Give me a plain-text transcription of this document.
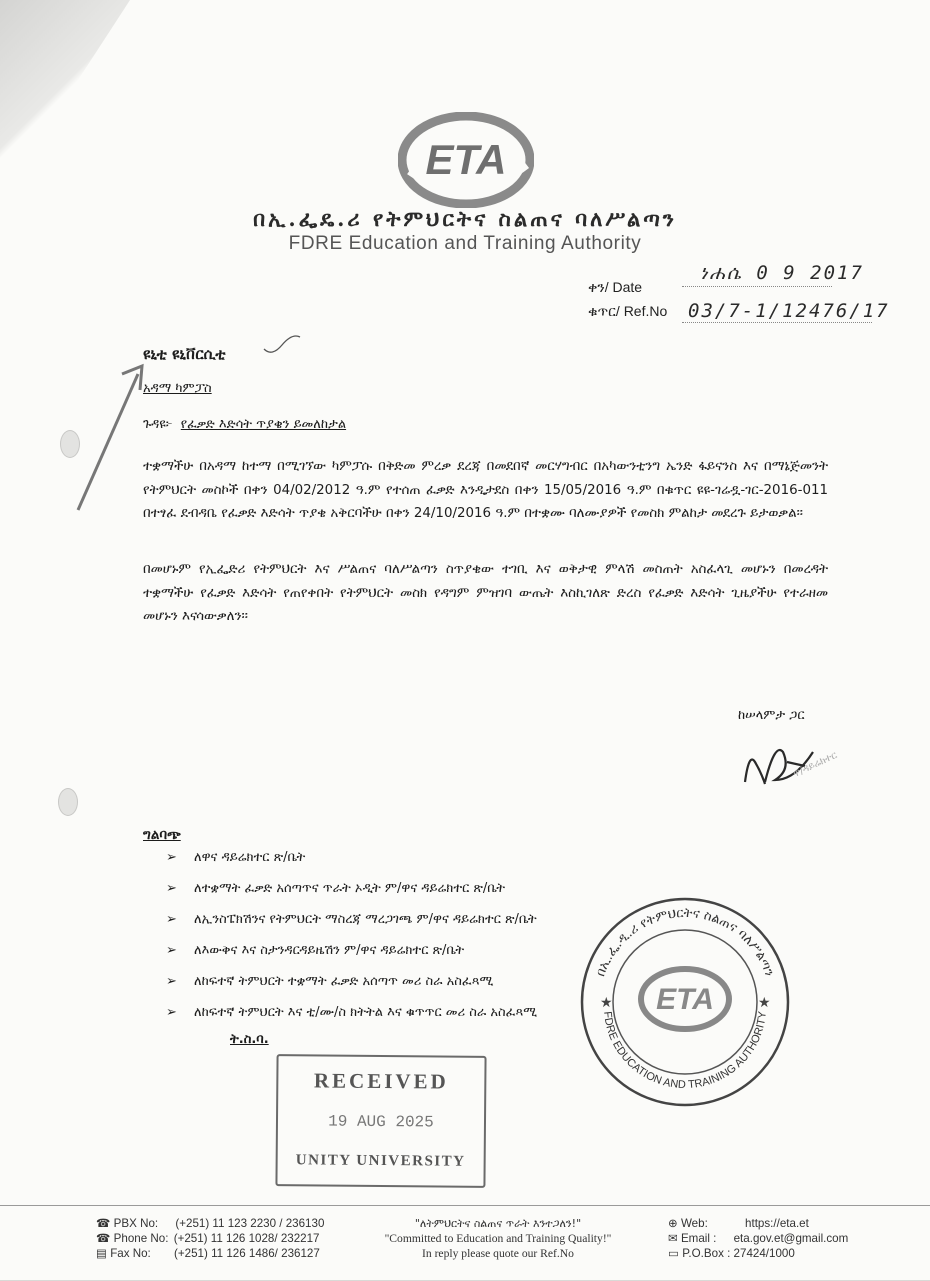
ETA
በኢ.ፌዴ.ሪ የትምህርትና ስልጠና ባለሥልጣን
FDRE Education and Training Authority
ቀን/ Date
ነሐሴ 0 9 2017
ቁጥር/ Ref.No 03/7-1/12476/17
ዩኒቲ ዩኒቨርሲቲ
አዳማ ካምፓስ
ጉዳዩ፦ የፈቃድ እድሳት ጥያቄን ይመለከታል
ተቋማችሁ በአዳማ ከተማ በሚገኘው ካምፓሱ በቅድመ ምረቃ ደረጃ በመደበኛ መርሃግብር በአካውንቲንግ ኤንድ ፋይናንስ እና በማኔጅመንት የትምህርት መስኮች በቀን 04/02/2012 ዓ.ም የተሰጠ ፈቃድ እንዲታደስ በቀን 15/05/2016 ዓ.ም በቁጥር ዩዩ-ገሬዷ-ገር-2016-011 በተፃፈ ደብዳቤ የፈቃድ እድሳት ጥያቄ አቅርባችሁ በቀን 24/10/2016 ዓ.ም በተቋሙ ባለሙያዎች የመስክ ምልከታ መደረጉ ይታወቃል፡፡
በመሆኑም የኢፌድሪ የትምህርት እና ሥልጠና ባለሥልጣን ስጥያቄው ተገቢ እና ወቅታዊ ምላሽ መስጠት አስፈላጊ መሆኑን በመረዳት ተቋማችሁ የፈቃድ እድሳት የጠየቀበት የትምህርት መስክ የዳግም ምዝገባ ውጤት እስኪገለጽ ድረስ የፈቃድ እድሳት ጊዜያችሁ የተራዘመ መሆኑን እናሳውቃለን፡፡
ከሠላምታ ጋር
ዋ/ዳይሬክተር
ግልባጭ
➢ ለዋና ዳይሬክተር ጽ/ቤት
➢ ለተቋማት ፈቃድ አሰጣጥና ጥራት ኦዲት ም/ዋና ዳይሬክተር ጽ/ቤት
➢ ለኢንስፔክሽንና የትምህርት ማስረጃ ማረጋገጫ ም/ዋና ዳይሬክተር ጽ/ቤት
➢ ለእውቅና እና ስታንዳርዳይዜሽን ም/ዋና ዳይሬክተር ጽ/ቤት
➢ ለከፍተኛ ትምህርት ተቋማት ፈቃድ አሰጣጥ መሪ ስራ አስፈጻሚ
➢ ለከፍተኛ ትምህርት እና ቲ/ሙ/ስ ክትትል እና ቁጥጥር መሪ ስራ አስፈጻሚ
ት.ስ.ባ.
RECEIVED
19 AUG 2025
UNITY UNIVERSITY
በኢ.ፌ.ዲ.ሪ የትምህርትና ስልጠና ባለሥልጣን
FDRE EDUCATION AND TRAINING AUTHORITY
ETA
★	★
☎ PBX No: (+251) 11 123 2230 / 236130
☎ Phone No: (+251) 11 126 1028/ 232217
▤ Fax No: (+251) 11 126 1486/ 236127
"ለትምህርትና ስልጠና ጥራት እንተጋለን!"
"Committed to Education and Training Quality!"
In reply please quote our Ref.No
⊕ Web:	https://eta.et
✉ Email : eta.gov.et@gmail.com
▭ P.O.Box : 27424/1000
